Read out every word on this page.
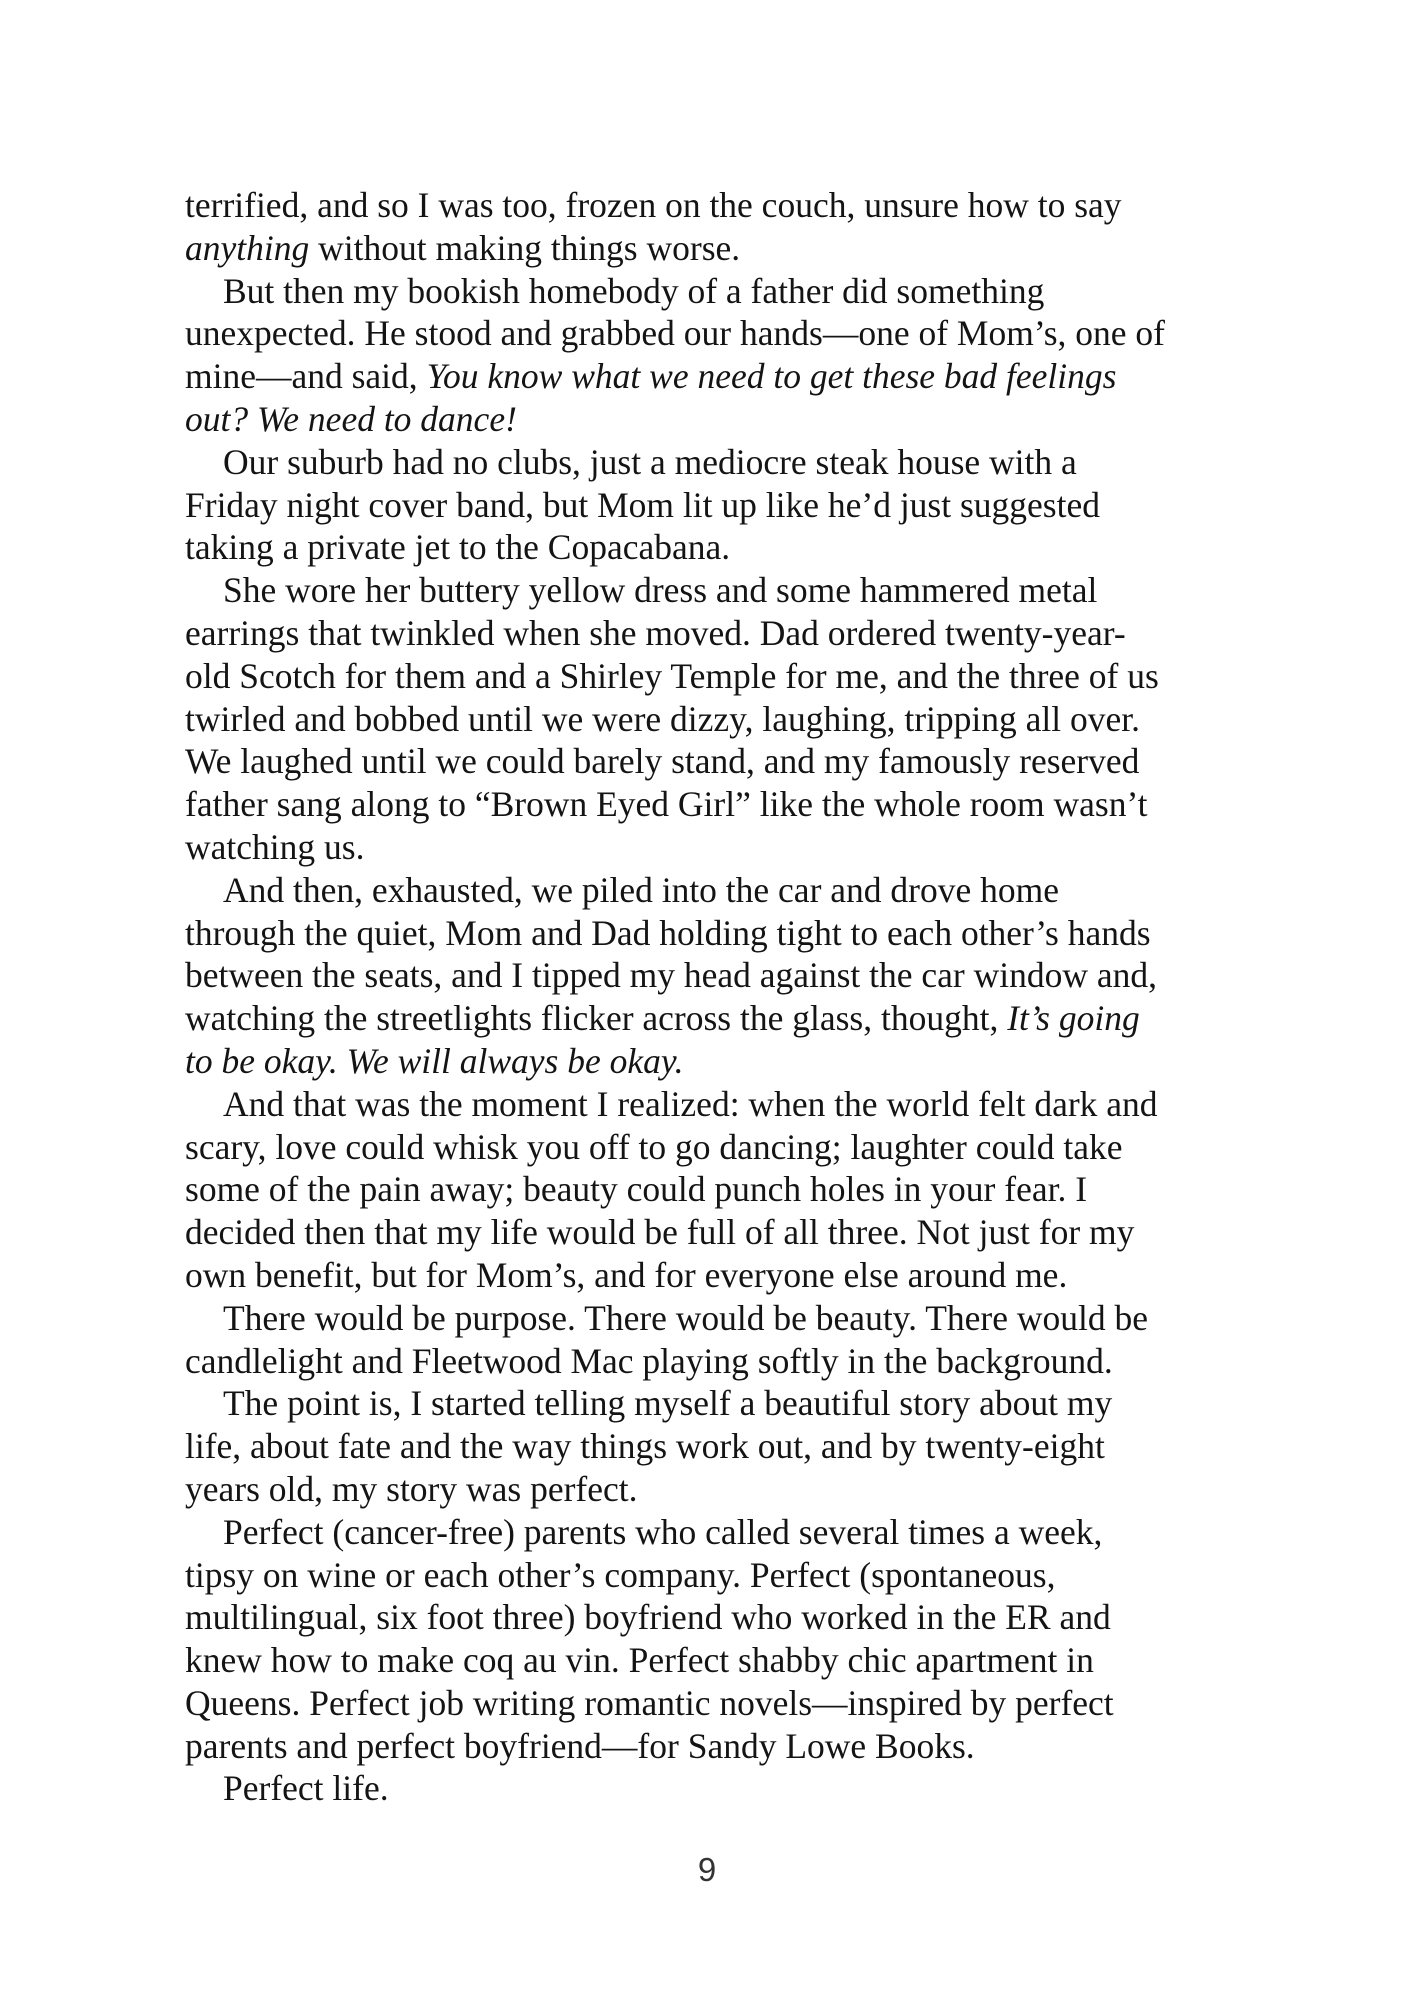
terrified, and so I was too, frozen on the couch, unsure how to say
anything without making things worse.
But then my bookish homebody of a father did something
unexpected. He stood and grabbed our hands—one of Mom’s, one of
mine—and said, You know what we need to get these bad feelings
out? We need to dance!
Our suburb had no clubs, just a mediocre steak house with a
Friday night cover band, but Mom lit up like he’d just suggested
taking a private jet to the Copacabana.
She wore her buttery yellow dress and some hammered metal
earrings that twinkled when she moved. Dad ordered twenty-year-
old Scotch for them and a Shirley Temple for me, and the three of us
twirled and bobbed until we were dizzy, laughing, tripping all over.
We laughed until we could barely stand, and my famously reserved
father sang along to “Brown Eyed Girl” like the whole room wasn’t
watching us.
And then, exhausted, we piled into the car and drove home
through the quiet, Mom and Dad holding tight to each other’s hands
between the seats, and I tipped my head against the car window and,
watching the streetlights flicker across the glass, thought, It’s going
to be okay. We will always be okay.
And that was the moment I realized: when the world felt dark and
scary, love could whisk you off to go dancing; laughter could take
some of the pain away; beauty could punch holes in your fear. I
decided then that my life would be full of all three. Not just for my
own benefit, but for Mom’s, and for everyone else around me.
There would be purpose. There would be beauty. There would be
candlelight and Fleetwood Mac playing softly in the background.
The point is, I started telling myself a beautiful story about my
life, about fate and the way things work out, and by twenty-eight
years old, my story was perfect.
Perfect (cancer-free) parents who called several times a week,
tipsy on wine or each other’s company. Perfect (spontaneous,
multilingual, six foot three) boyfriend who worked in the ER and
knew how to make coq au vin. Perfect shabby chic apartment in
Queens. Perfect job writing romantic novels—inspired by perfect
parents and perfect boyfriend—for Sandy Lowe Books.
Perfect life.
9
